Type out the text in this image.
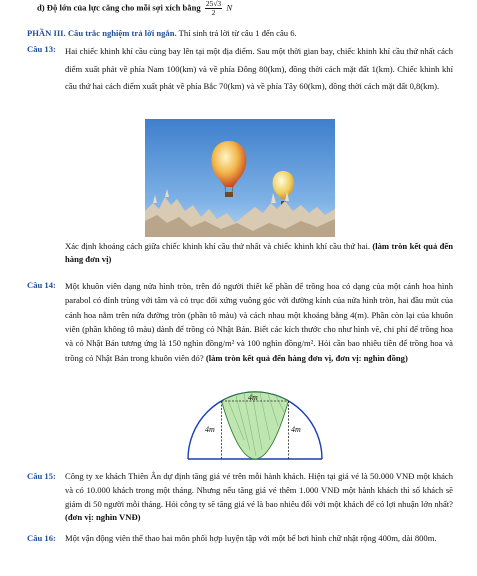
d) Độ lớn của lực căng cho mỗi sợi xích bằng $\frac{25√3}{2}$ N
PHẦN III. Câu trắc nghiệm trả lời ngắn. Thí sinh trả lời từ câu 1 đến câu 6.
Câu 13: Hai chiếc khinh khí cầu cùng bay lên tại một địa điểm. Sau một thời gian bay, chiếc khinh khí cầu thứ nhất cách điểm xuất phát về phía Nam 100(km) và về phía Đông 80(km), đồng thời cách mặt đất 1(km). Chiếc khinh khí cầu thứ hai cách điểm xuất phát về phía Bắc 70(km) và về phía Tây 60(km), đồng thời cách mặt đất 0,8(km).

Xác định khoảng cách giữa chiếc khinh khí cầu thứ nhất và chiếc khinh khí cầu thứ hai. (làm tròn kết quả đến hàng đơn vị)

Câu 14: Một khuôn viên dạng nửa hình tròn, trên đó người thiết kế phần để trồng hoa có dạng của một cánh hoa hình parabol có đỉnh trùng với tâm và có trục đối xứng vuông góc với đường kính của nửa hình tròn, hai đầu mút của cánh hoa nằm trên nửa đường tròn (phần tô màu) và cách nhau một khoảng bằng 4(m). Phần còn lại của khuôn viên (phần không tô màu) dành để trồng cỏ Nhật Bản. Biết các kích thước cho như hình vẽ, chi phí để trồng hoa và cỏ Nhật Bản tương ứng là 150 nghìn đồng/m² và 100 nghìn đồng/m². Hỏi cần bao nhiêu tiền để trồng hoa và trồng cỏ Nhật Bản trong khuôn viên đó? (làm tròn kết quả đến hàng đơn vị, đơn vị: nghìn đồng)

4m
4m	4m
Câu 15: Công ty xe khách Thiên Ân dự định tăng giá vé trên mỗi hành khách. Hiện tại giá vé là 50.000 VNĐ một khách và có 10.000 khách trong một tháng. Nhưng nếu tăng giá vé thêm 1.000 VNĐ một hành khách thì số khách sẽ giảm đi 50 người mỗi tháng. Hỏi công ty sẽ tăng giá vé là bao nhiêu đối với một khách để có lợi nhuận lớn nhất?(đơn vị: nghìn VNĐ)

Câu 16: Một vận động viên thể thao hai môn phối hợp luyện tập với một bể bơi hình chữ nhật rộng 400m, dài 800m.
